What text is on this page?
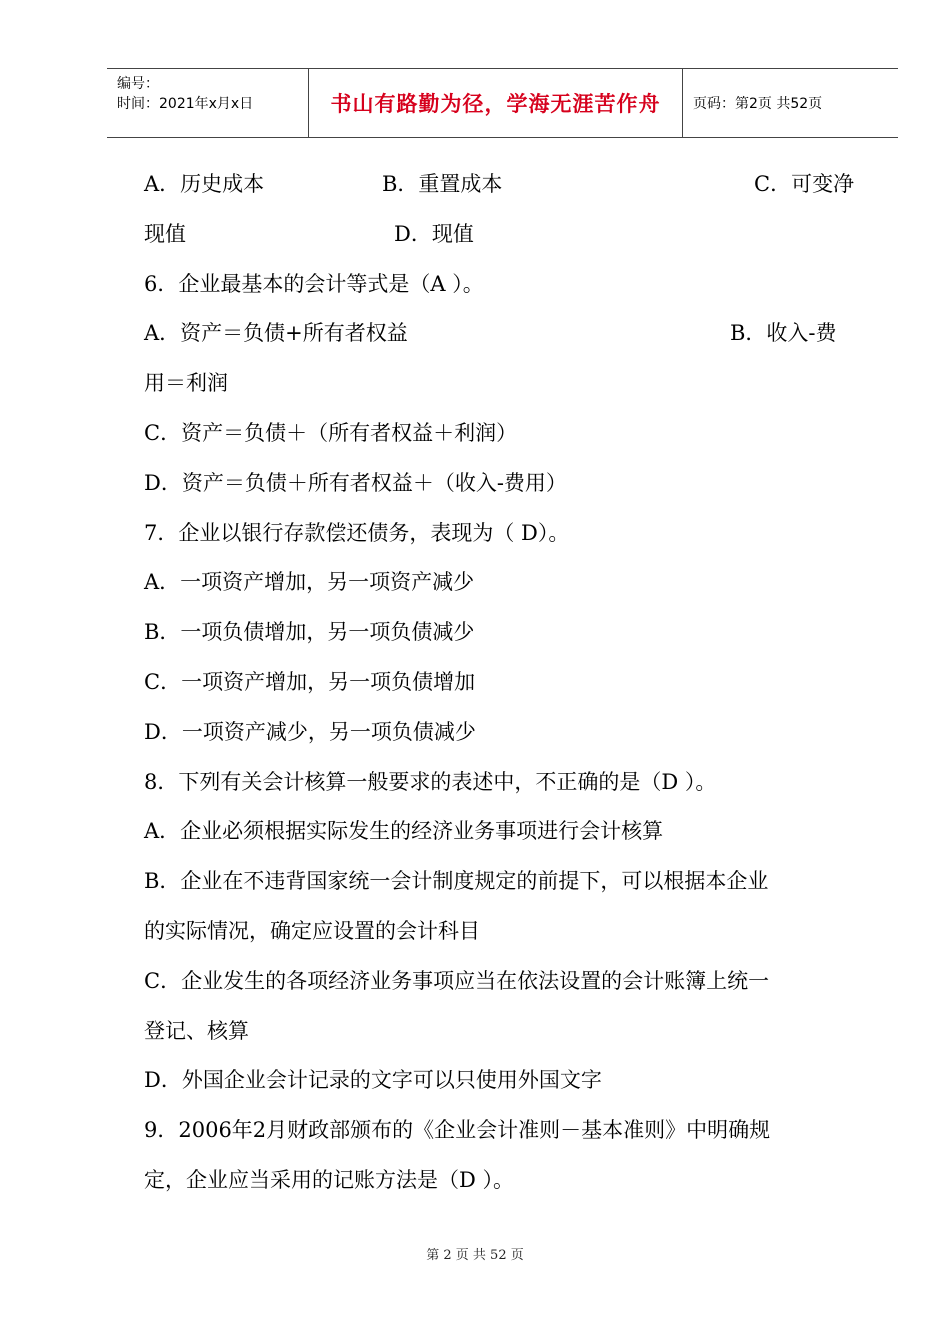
编号：
时间：2021年x月x日	书山有路勤为径，学海无涯苦作舟	页码：第2页 共52页
A．历史成本	B．重置成本	C．可变净
现值	D．现值
6．企业最基本的会计等式是（A ）。
A．资产＝负债+所有者权益	B．收入-费
用＝利润
C．资产＝负债＋（所有者权益＋利润）
D．资产＝负债＋所有者权益＋（收入-费用）
7．企业以银行存款偿还债务，表现为（ D）。
A．一项资产增加，另一项资产减少
B．一项负债增加，另一项负债减少
C．一项资产增加，另一项负债增加
D．一项资产减少，另一项负债减少
8．下列有关会计核算一般要求的表述中，不正确的是（D ）。
A．企业必须根据实际发生的经济业务事项进行会计核算
B．企业在不违背国家统一会计制度规定的前提下，可以根据本企业
的实际情况，确定应设置的会计科目
C．企业发生的各项经济业务事项应当在依法设置的会计账簿上统一
登记、核算
D．外国企业会计记录的文字可以只使用外国文字
9．2006年2月财政部颁布的《企业会计准则－基本准则》中明确规
定，企业应当采用的记账方法是（D ）。
第 2 页 共 52 页
